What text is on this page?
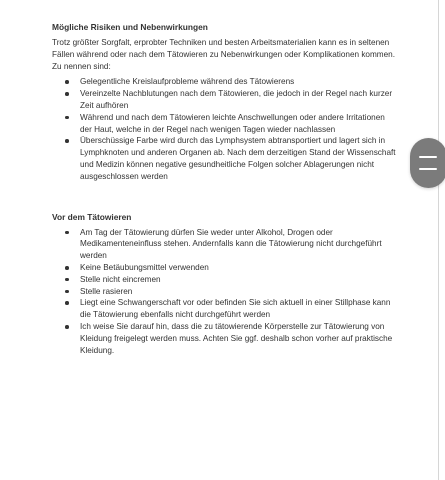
Mögliche Risiken und Nebenwirkungen

Trotz größter Sorgfalt, erprobter Techniken und besten Arbeitsmaterialien kann es in seltenen Fällen während oder nach dem Tätowieren zu Nebenwirkungen oder Komplikationen kommen. Zu nennen sind:

Gelegentliche Kreislaufprobleme während des Tätowierens
Vereinzelte Nachblutungen nach dem Tätowieren, die jedoch in der Regel nach kurzer Zeit aufhören
Während und nach dem Tätowieren leichte Anschwellungen oder andere Irritationen der Haut, welche in der Regel nach wenigen Tagen wieder nachlassen
Überschüssige Farbe wird durch das Lymphsystem abtransportiert und lagert sich in Lymphknoten und anderen Organen ab. Nach dem derzeitigen Stand der Wissenschaft und Medizin können negative gesundheitliche Folgen solcher Ablagerungen nicht ausgeschlossen werden
Vor dem Tätowieren
Am Tag der Tätowierung dürfen Sie weder unter Alkohol, Drogen oder Medikamenteneinfluss stehen. Andernfalls kann die Tätowierung nicht durchgeführt werden
Keine Betäubungsmittel verwenden
Stelle nicht eincremen
Stelle rasieren
Liegt eine Schwangerschaft vor oder befinden Sie sich aktuell in einer Stillphase kann die Tätowierung ebenfalls nicht durchgeführt werden
Ich weise Sie darauf hin, dass die zu tätowierende Körperstelle zur Tätowierung von Kleidung freigelegt werden muss. Achten Sie ggf. deshalb schon vorher auf praktische Kleidung.
